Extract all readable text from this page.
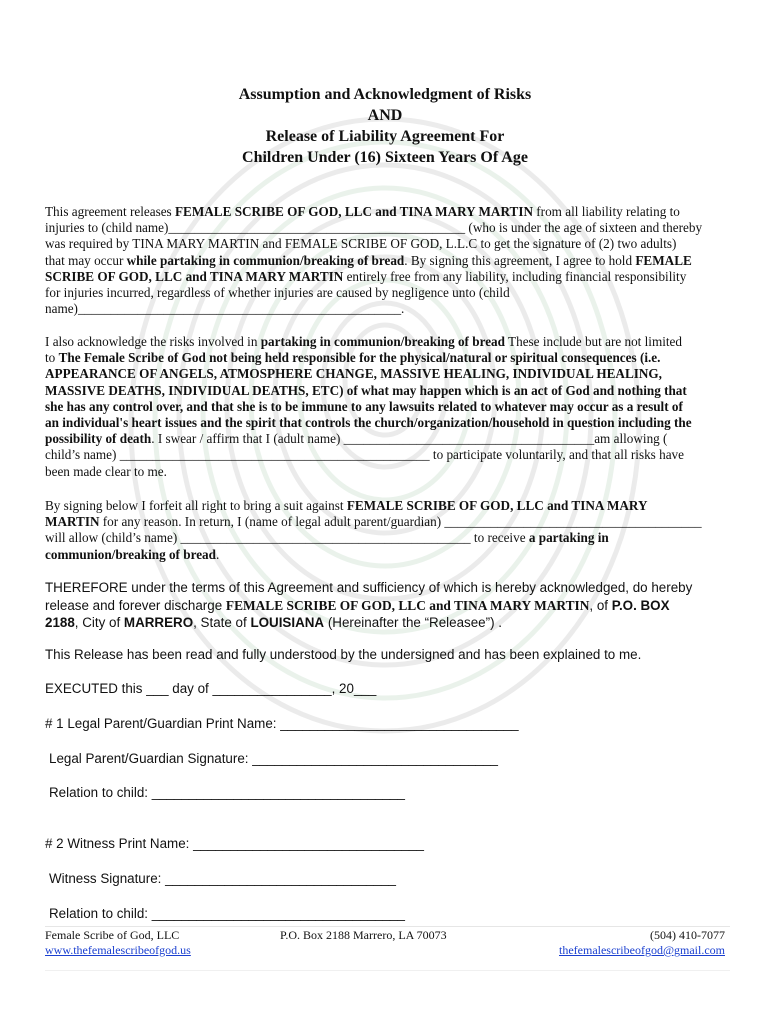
Assumption and Acknowledgment of Risks
AND
Release of Liability Agreement For
Children Under (16) Sixteen Years Of Age
This agreement releases FEMALE SCRIBE OF GOD, LLC and TINA MARY MARTIN from all liability relating to
injuries to (child name)_____________________________________________ (who is under the age of sixteen and thereby
was required by TINA MARY MARTIN and FEMALE SCRIBE OF GOD, L.L.C to get the signature of (2) two adults)
that may occur while partaking in communion/breaking of bread. By signing this agreement, I agree to hold FEMALE
SCRIBE OF GOD, LLC and TINA MARY MARTIN entirely free from any liability, including financial responsibility
for injuries incurred, regardless of whether injuries are caused by negligence unto (child
name)_________________________________________________.
I also acknowledge the risks involved in partaking in communion/breaking of bread These include but are not limited
to The Female Scribe of God not being held responsible for the physical/natural or spiritual consequences (i.e.
APPEARANCE OF ANGELS, ATMOSPHERE CHANGE, MASSIVE HEALING, INDIVIDUAL HEALING,
MASSIVE DEATHS, INDIVIDUAL DEATHS, ETC) of what may happen which is an act of God and nothing that
she has any control over, and that she is to be immune to any lawsuits related to whatever may occur as a result of
an individual's heart issues and the spirit that controls the church/organization/household in question including the
possibility of death. I swear / affirm that I (adult name) ______________________________________am allowing (
child’s name) _______________________________________________ to participate voluntarily, and that all risks have
been made clear to me.
By signing below I forfeit all right to bring a suit against FEMALE SCRIBE OF GOD, LLC and TINA MARY
MARTIN for any reason. In return, I (name of legal adult parent/guardian) _______________________________________
will allow (child’s name) ____________________________________________ to receive a partaking in
communion/breaking of bread.
THEREFORE under the terms of this Agreement and sufficiency of which is hereby acknowledged, do hereby
release and forever discharge FEMALE SCRIBE OF GOD, LLC and TINA MARY MARTIN, of P.O. BOX
2188, City of MARRERO, State of LOUISIANA (Hereinafter the “Releasee”) .
This Release has been read and fully understood by the undersigned and has been explained to me.
EXECUTED this ___ day of ________________, 20___
# 1 Legal Parent/Guardian Print Name: ________________________________
Legal Parent/Guardian Signature: _________________________________
Relation to child: __________________________________
# 2 Witness Print Name: _______________________________
Witness Signature: _______________________________
Relation to child: __________________________________
Female Scribe of God, LLC
www.thefemalescribeofgod.us
P.O. Box 2188 Marrero, LA 70073	(504) 410-7077
thefemalescribeofgod@gmail.com
